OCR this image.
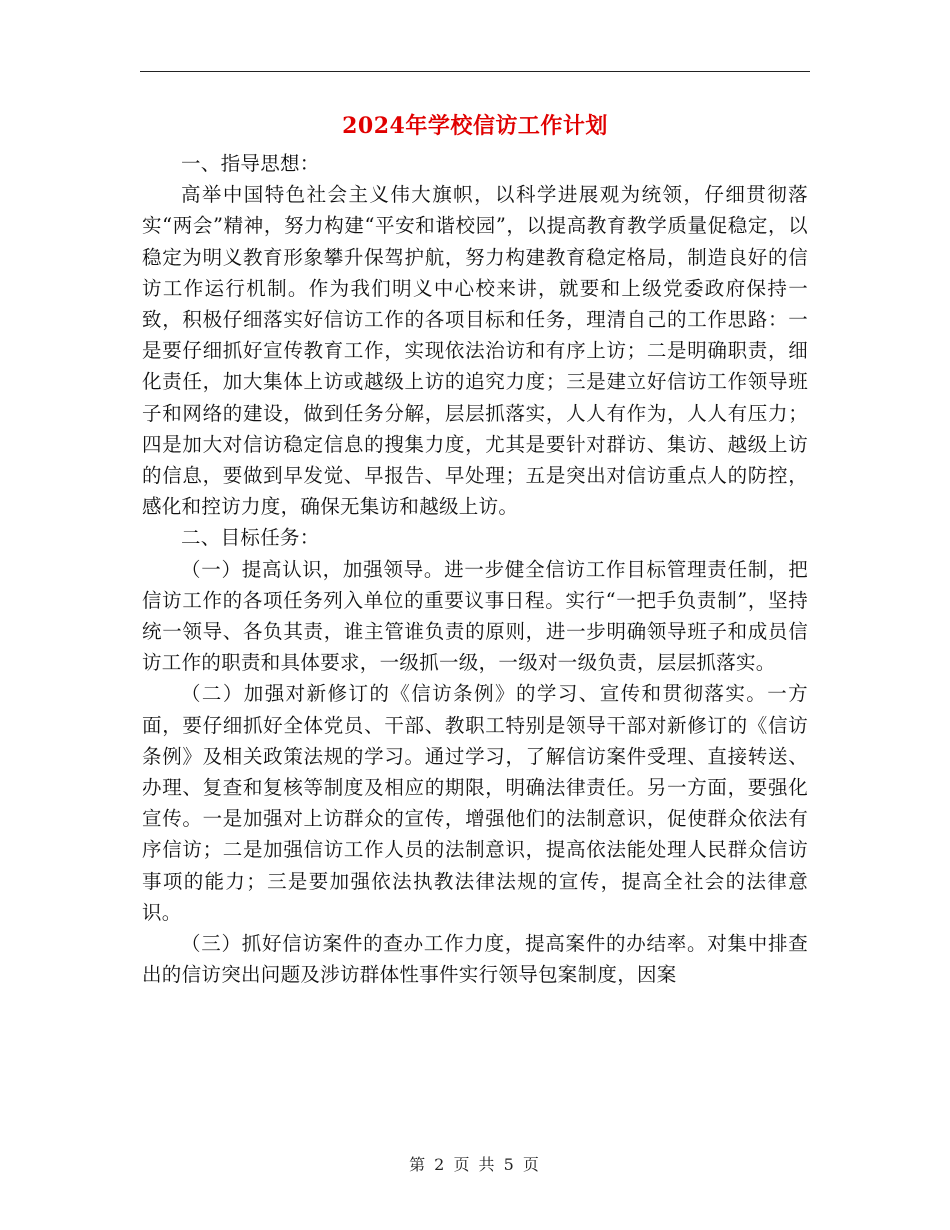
2024年学校信访工作计划

一、指导思想：

高举中国特色社会主义伟大旗帜，以科学进展观为统领，仔细贯彻落实“两会”精神，努力构建“平安和谐校园”，以提高教育教学质量促稳定，以稳定为明义教育形象攀升保驾护航，努力构建教育稳定格局，制造良好的信访工作运行机制。作为我们明义中心校来讲，就要和上级党委政府保持一致，积极仔细落实好信访工作的各项目标和任务，理清自己的工作思路：一是要仔细抓好宣传教育工作，实现依法治访和有序上访；二是明确职责，细化责任，加大集体上访或越级上访的追究力度；三是建立好信访工作领导班子和网络的建设，做到任务分解，层层抓落实，人人有作为，人人有压力；四是加大对信访稳定信息的搜集力度，尤其是要针对群访、集访、越级上访的信息，要做到早发觉、早报告、早处理；五是突出对信访重点人的防控，感化和控访力度，确保无集访和越级上访。

二、目标任务：

（一）提高认识，加强领导。进一步健全信访工作目标管理责任制，把信访工作的各项任务列入单位的重要议事日程。实行“一把手负责制”，坚持统一领导、各负其责，谁主管谁负责的原则，进一步明确领导班子和成员信访工作的职责和具体要求，一级抓一级，一级对一级负责，层层抓落实。

（二）加强对新修订的《信访条例》的学习、宣传和贯彻落实。一方面，要仔细抓好全体党员、干部、教职工特别是领导干部对新修订的《信访条例》及相关政策法规的学习。通过学习，了解信访案件受理、直接转送、办理、复查和复核等制度及相应的期限，明确法律责任。另一方面，要强化宣传。一是加强对上访群众的宣传，增强他们的法制意识，促使群众依法有序信访；二是加强信访工作人员的法制意识，提高依法能处理人民群众信访事项的能力；三是要加强依法执教法律法规的宣传，提高全社会的法律意识。

（三）抓好信访案件的查办工作力度，提高案件的办结率。对集中排查出的信访突出问题及涉访群体性事件实行领导包案制度，因案

第 2 页 共 5 页
